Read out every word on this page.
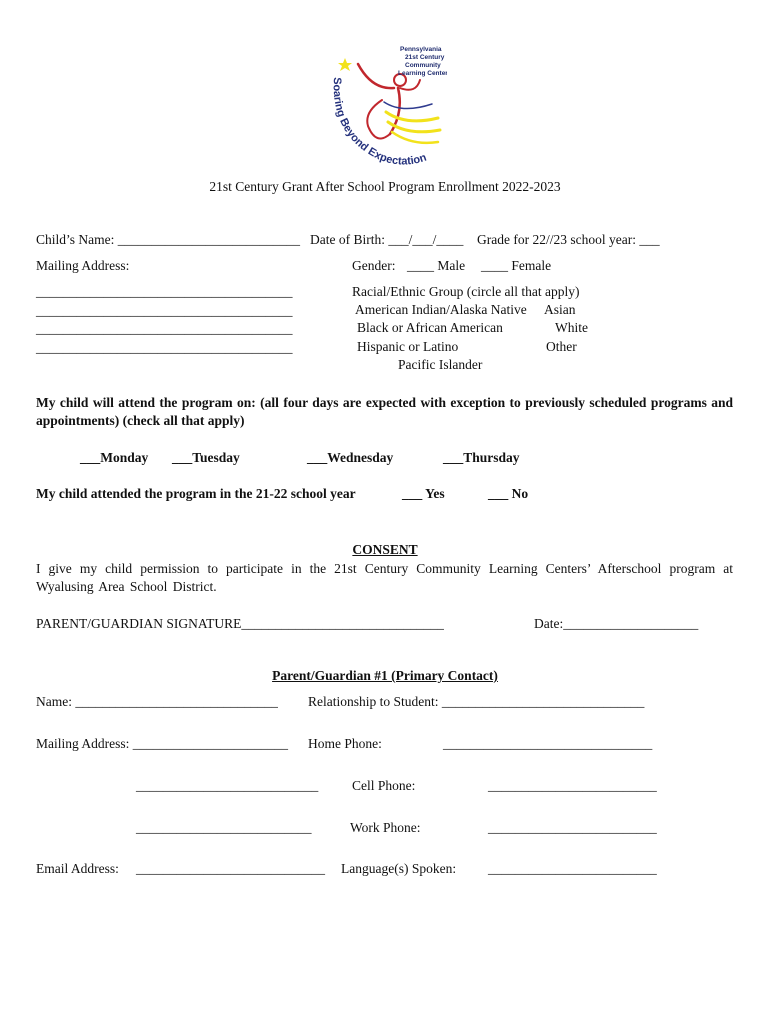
Pennsylvania
21st Century
Community
Learning Centers
Soaring Beyond Expectation
21st Century Grant After School Program Enrollment 2022-2023
Child’s Name: ___________________________ Date of Birth: ___/___/____ Grade for 22//23 school year: ___
Mailing Address:	Gender: ____ Male ____ Female
______________________________________
______________________________________
______________________________________
______________________________________
Racial/Ethnic Group (circle all that apply)
American Indian/Alaska Native Asian
Black or African American	White
Hispanic or Latino	Other
Pacific Islander
My child will attend the program on: (all four days are expected with exception to previously scheduled programs and appointments) (check all that apply)
___Monday ___Tuesday	___Wednesday	___Thursday
My child attended the program in the 21-22 school year	___ Yes	___ No
CONSENT
I give my child permission to participate in the 21st Century Community Learning Centers’ Afterschool program at Wyalusing Area School District.
PARENT/GUARDIAN SIGNATURE______________________________	Date:____________________
Parent/Guardian #1 (Primary Contact)
Name: ______________________________ Relationship to Student: ______________________________
Mailing Address: _______________________ Home Phone:	_______________________________
___________________________	Cell Phone:	_________________________
__________________________	Work Phone:	_________________________
Email Address: ____________________________ Language(s) Spoken: _________________________
